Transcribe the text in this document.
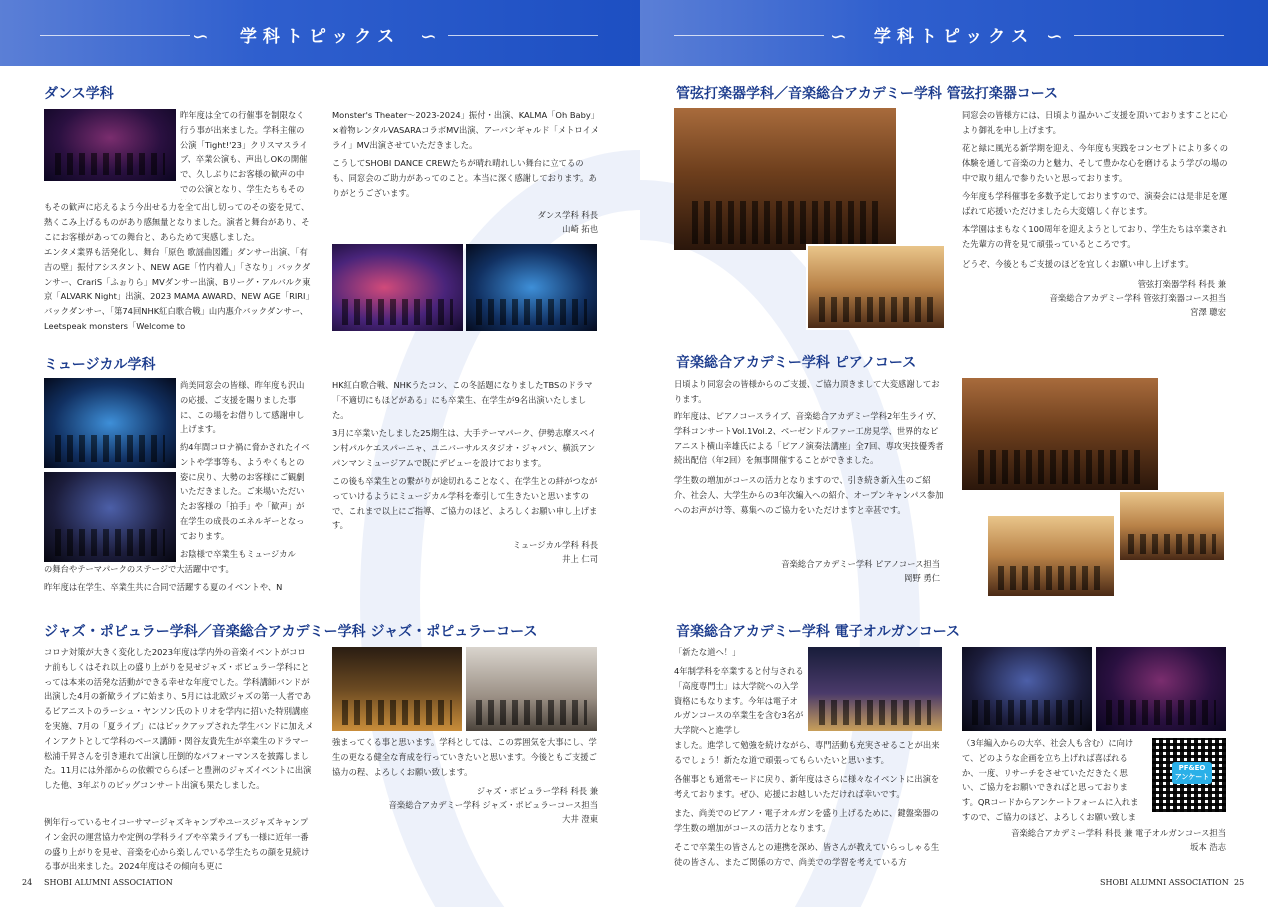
∽	学科トピックス ∽
ダンス学科
昨年度は全ての行催事を制限なく行う事が出来ました。学科主催の公演「Tight!'23」クリスマスライブ、卒業公演も、声出しOKの開催で、久しぶりにお客様の歓声の中での公演となり、学生たちもその
もその歓声に応えるよう今出せる力を全て出し切ってのその姿を見て、熱くこみ上げるものがあり感無量となりました。演者と舞台があり、そこにお客様があっての舞台と、あらためて実感しました。
エンタメ業界も活発化し、舞台「原色 歌謡曲図鑑」ダンサー出演、「有吉の壁」振付アシスタント、NEW AGE「竹内着人」「さなり」バックダンサー、CrariS「ふぉりら」MVダンサー出演、Bリーグ・アルバルク東京「ALVARK Night」出演、2023 MAMA AWARD、NEW AGE「RIRI」バックダンサー、「第74回NHK紅白歌合戦」山内惠介バックダンサー、Leetspeak monsters「Welcome to
Monster's Theater～2023-2024」振付・出演、KALMA「Oh Baby」×着物レンタルVASARAコラボMV出演、アーバンギャルド「メトロイメライ」MV出演させていただきました。
こうしてSHOBI DANCE CREWたちが晴れ晴れしい舞台に立てるのも、同窓会のご助力があってのこと。本当に深く感謝しております。ありがとうございます。
ダンス学科 科長
山崎 拓也
ミュージカル学科
尚美同窓会の皆様、昨年度も沢山の応援、ご支援を賜りました事に、この場をお借りして感謝申し上げます。
約4年間コロナ禍に脅かされたイベントや学事等も、ようやくもとの姿に戻り、大勢のお客様にご観劇いただきました。ご来場いただいたお客様の「拍手」や「歓声」が在学生の成長のエネルギーとなっております。
お陰様で卒業生もミュージカル
の舞台やテーマパークのステージで大活躍中です。
昨年度は在学生、卒業生共に合同で活躍する夏のイベントや、N
HK紅白歌合戦、NHKうたコン、この冬話題になりましたTBSのドラマ「不適切にもほどがある」にも卒業生、在学生が9名出演いたしました。
3月に卒業いたしました25期生は、大手テーマパーク、伊勢志摩スペイン村パルケエスパーニャ、ユニバーサルスタジオ・ジャパン、横浜アンパンマンミュージアムで既にデビューを設けております。
この後も卒業生との繋がりが途切れることなく、在学生との絆がつながっていけるようにミュージカル学科を牽引して生きたいと思いますので、これまで以上にご指導、ご協力のほど、よろしくお願い申し上げます。
ミュージカル学科 科長
井上 仁司
ジャズ・ポピュラー学科／音楽総合アカデミー学科 ジャズ・ポピュラーコース
コロナ対策が大きく変化した2023年度は学内外の音楽イベントがコロナ前もしくはそれ以上の盛り上がりを見せジャズ・ポピュラー学科にとっては本来の活発な活動ができる幸せな年度でした。学科講師バンドが出演した4月の新歓ライブに始まり、5月には北欧ジャズの第一人者であるピアニストのラーシュ・ヤンソン氏のトリオを学内に招いた特別講座を実施、7月の「夏ライブ」にはピックアップされた学生バンドに加えメインアクトとして学科のベース講師・関谷友貴先生が卒業生のドラマー松浦千昇さんを引き連れて出演し圧倒的なパフォーマンスを披露しました。11月には外部からの依頼でららぽーと豊洲のジャズイベントに出演した他、3年ぶりのビッグコンサート出演も果たしました。
例年行っているセイコーサマージャズキャンプやユースジャズキャンプイン金沢の運営協力や定例の学科ライブや卒業ライブも一様に近年一番の盛り上がりを見せ、音楽を心から楽しんでいる学生たちの顔を見続ける事が出来ました。2024年度はその傾向も更に
強まってくる事と思います。学科としては、この雰囲気を大事にし、学生の更なる健全な育成を行っていきたいと思います。今後ともご支援ご協力の程、よろしくお願い致します。
ジャズ・ポピュラー学科 科長 兼
音楽総合アカデミー学科 ジャズ・ポピュラーコース担当
大井 澄東
24 SHOBI ALUMNI ASSOCIATION
∽	学科トピックス ∽
管弦打楽器学科／音楽総合アカデミー学科 管弦打楽器コース
同窓会の皆様方には、日頃より温かいご支援を頂いておりますことに心より御礼を申し上げます。
花と緑に風光る新学期を迎え、今年度も実践をコンセプトにより多くの体験を通して音楽の力と魅力、そして豊かな心を磨けるよう学びの場の中で取り組んで参りたいと思っております。
今年度も学科催事を多数予定しておりますので、演奏会には是非足を運ばれて応援いただけましたら大変嬉しく存じます。
本学園はまもなく100周年を迎えようとしており、学生たちは卒業された先輩方の背を見て頑張っているところです。
どうぞ、今後ともご支援のほどを宜しくお願い申し上げます。
管弦打楽器学科 科長 兼
音楽総合アカデミー学科 管弦打楽器コース担当
宮澤 聰宏
音楽総合アカデミー学科 ピアノコース
日頃より同窓会の皆様からのご支援、ご協力頂きまして大変感謝しております。
昨年度は、ピアノコースライブ、音楽総合アカデミー学科2年生ライヴ、学科コンサートVol.1Vol.2、ベーゼンドルファー工房見学、世界的なピアニスト横山幸雄氏による「ピアノ演奏法講座」全7回、専攻実技優秀者続出配信（年2回）を無事開催することができました。
学生数の増加がコースの活力となりますので、引き続き新入生のご紹介、社会人、大学生からの3年次編入への紹介、オープンキャンパス参加へのお声がけ等、募集へのご協力をいただけますと幸甚です。
音楽総合アカデミー学科 ピアノコース担当
岡野 勇仁
音楽総合アカデミー学科 電子オルガンコース
「新たな道へ！」
4年制学科を卒業すると付与される「高度専門士」は大学院への入学資格にもなります。今年は電子オルガンコースの卒業生を含む3名が大学院へと進学し
ました。進学して勉強を続けながら、専門活動も充実させることが出来るでしょう！新たな道で頑張ってもらいたいと思います。
各催事とも通常モードに戻り、新年度はさらに様々なイベントに出演を考えております。ぜひ、応援にお越しいただければ幸いです。
また、尚美でのピアノ・電子オルガンを盛り上げるために、鍵盤楽器の学生数の増加がコースの活力となります。
そこで卒業生の皆さんとの連携を深め、皆さんが教えていらっしゃる生徒の皆さん、またご関係の方で、尚美での学習を考えている方
（3年編入からの大卒、社会人も含む）に向けて、どのような企画を立ち上げれば喜ばれるか、一度、リサーチをさせていただきたく思い、ご協力をお願いできればと思っております。QRコードからアンケートフォームに入れますので、ご協力のほど、よろしくお願い致しま
PF&EO アンケート
音楽総合アカデミー学科 科長 兼 電子オルガンコース担当
坂本 浩志
SHOBI ALUMNI ASSOCIATION 25
